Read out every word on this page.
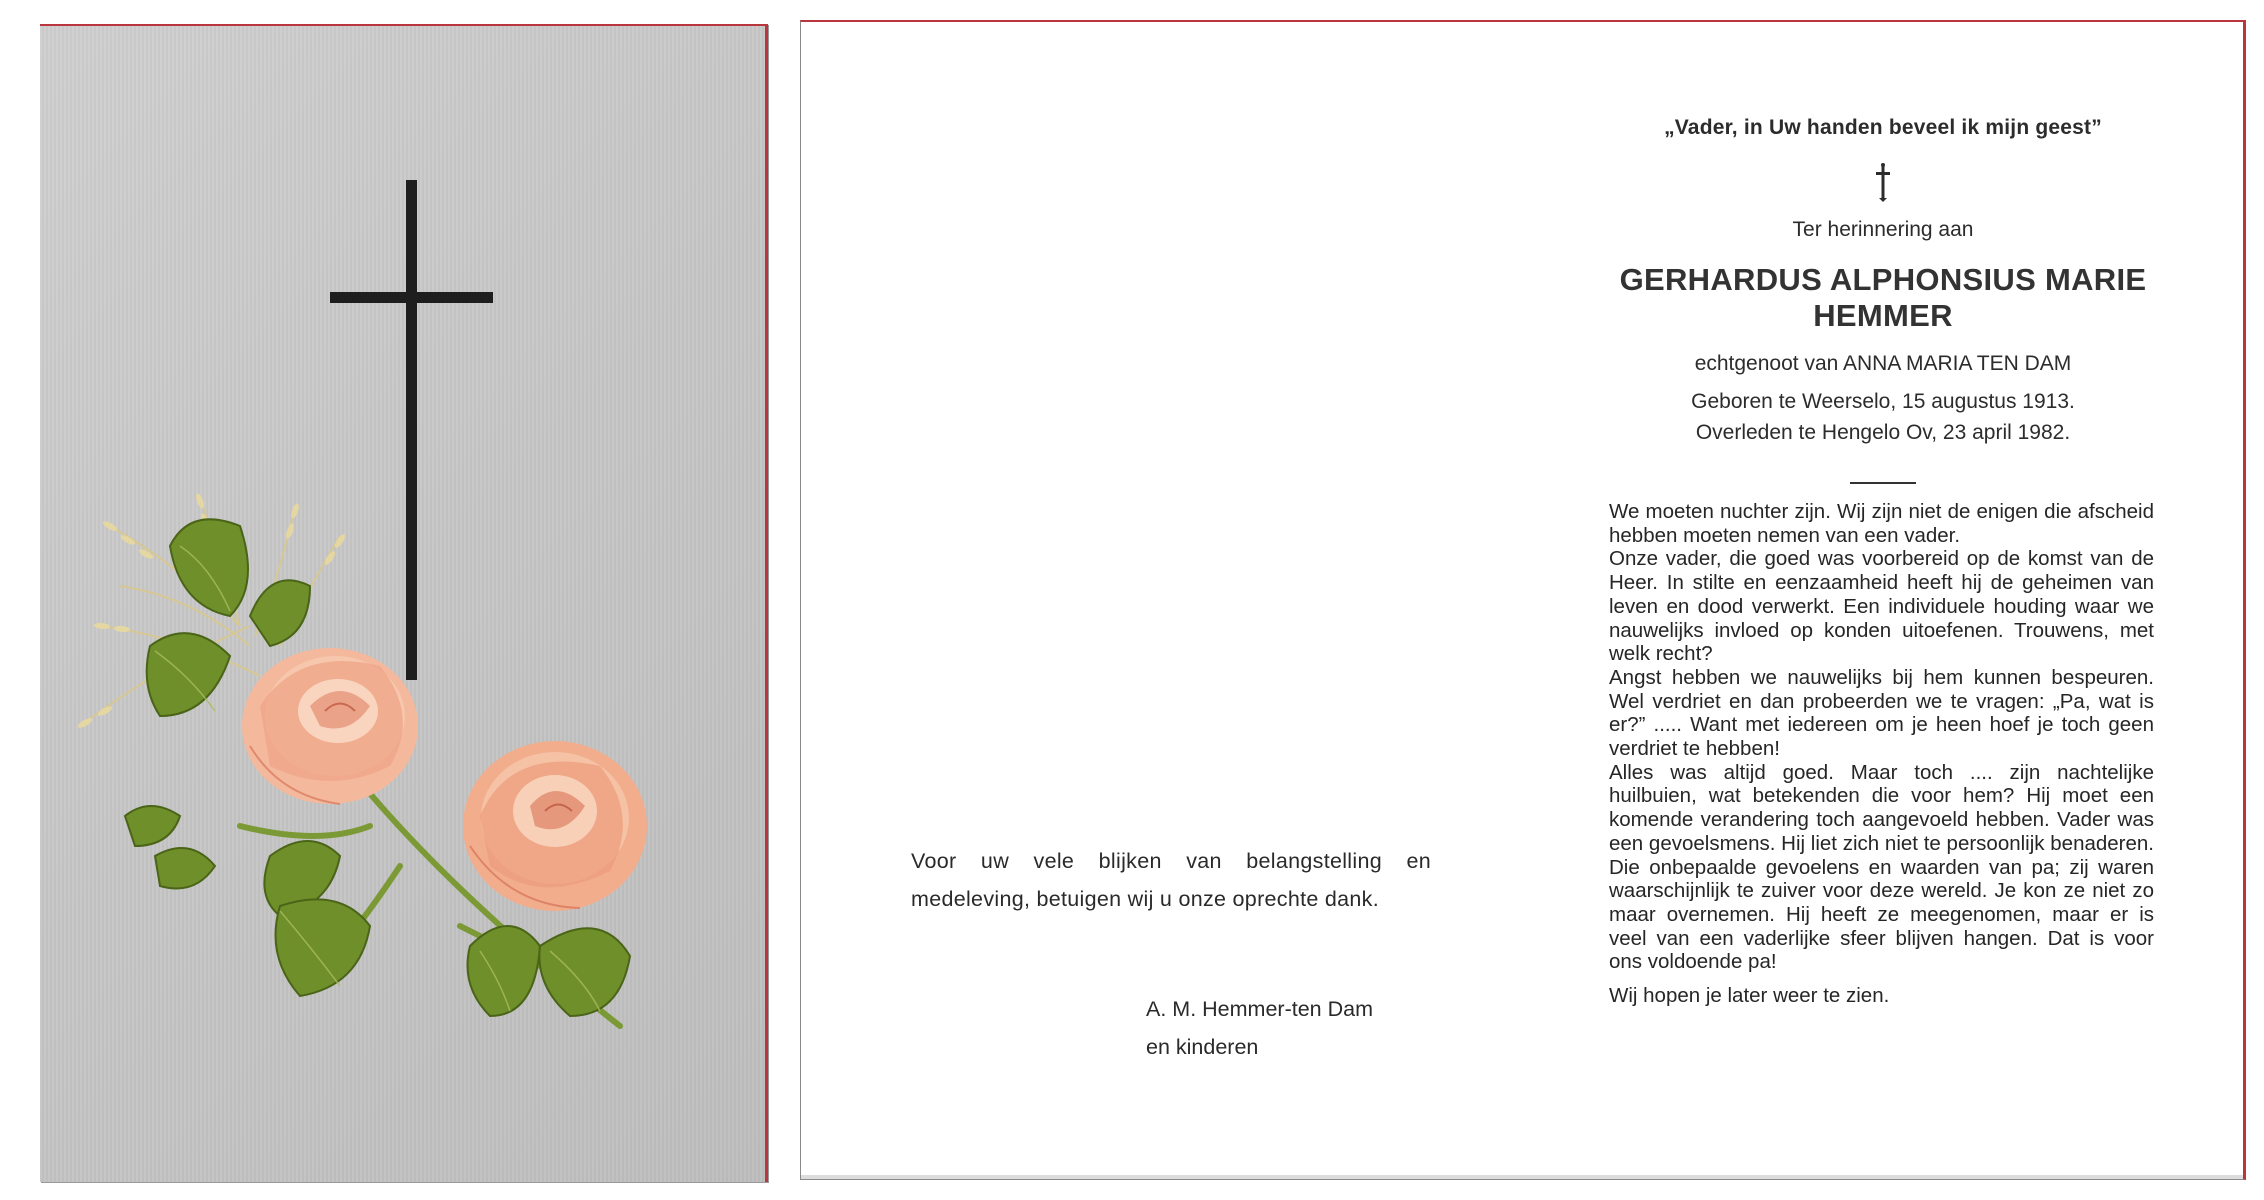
Voor uw vele blijken van belangstelling en medeleving, betuigen wij u onze oprechte dank.

A. M. Hemmer-ten Dam
en kinderen
„Vader, in Uw handen beveel ik mijn geest”
Ter herinnering aan
GERHARDUS ALPHONSIUS MARIE
HEMMER
echtgenoot van ANNA MARIA TEN DAM
Geboren te Weerselo, 15 augustus 1913.
Overleden te Hengelo Ov, 23 april 1982.

We moeten nuchter zijn. Wij zijn niet de enigen die afscheid hebben moeten nemen van een vader.

Onze vader, die goed was voorbereid op de komst van de Heer. In stilte en eenzaamheid heeft hij de geheimen van leven en dood verwerkt. Een individuele houding waar we nauwelijks invloed op konden uitoefenen. Trouwens, met welk recht?

Angst hebben we nauwelijks bij hem kunnen bespeuren. Wel verdriet en dan probeerden we te vragen: „Pa, wat is er?” ..... Want met iedereen om je heen hoef je toch geen verdriet te hebben!

Alles was altijd goed. Maar toch .... zijn nachtelijke huilbuien, wat betekenden die voor hem? Hij moet een komende verandering toch aangevoeld hebben. Vader was een gevoelsmens. Hij liet zich niet te persoonlijk benaderen. Die onbepaalde gevoelens en waarden van pa; zij waren waarschijnlijk te zuiver voor deze wereld. Je kon ze niet zo maar overnemen. Hij heeft ze meegenomen, maar er is veel van een vaderlijke sfeer blijven hangen. Dat is voor ons voldoende pa!

Wij hopen je later weer te zien.
